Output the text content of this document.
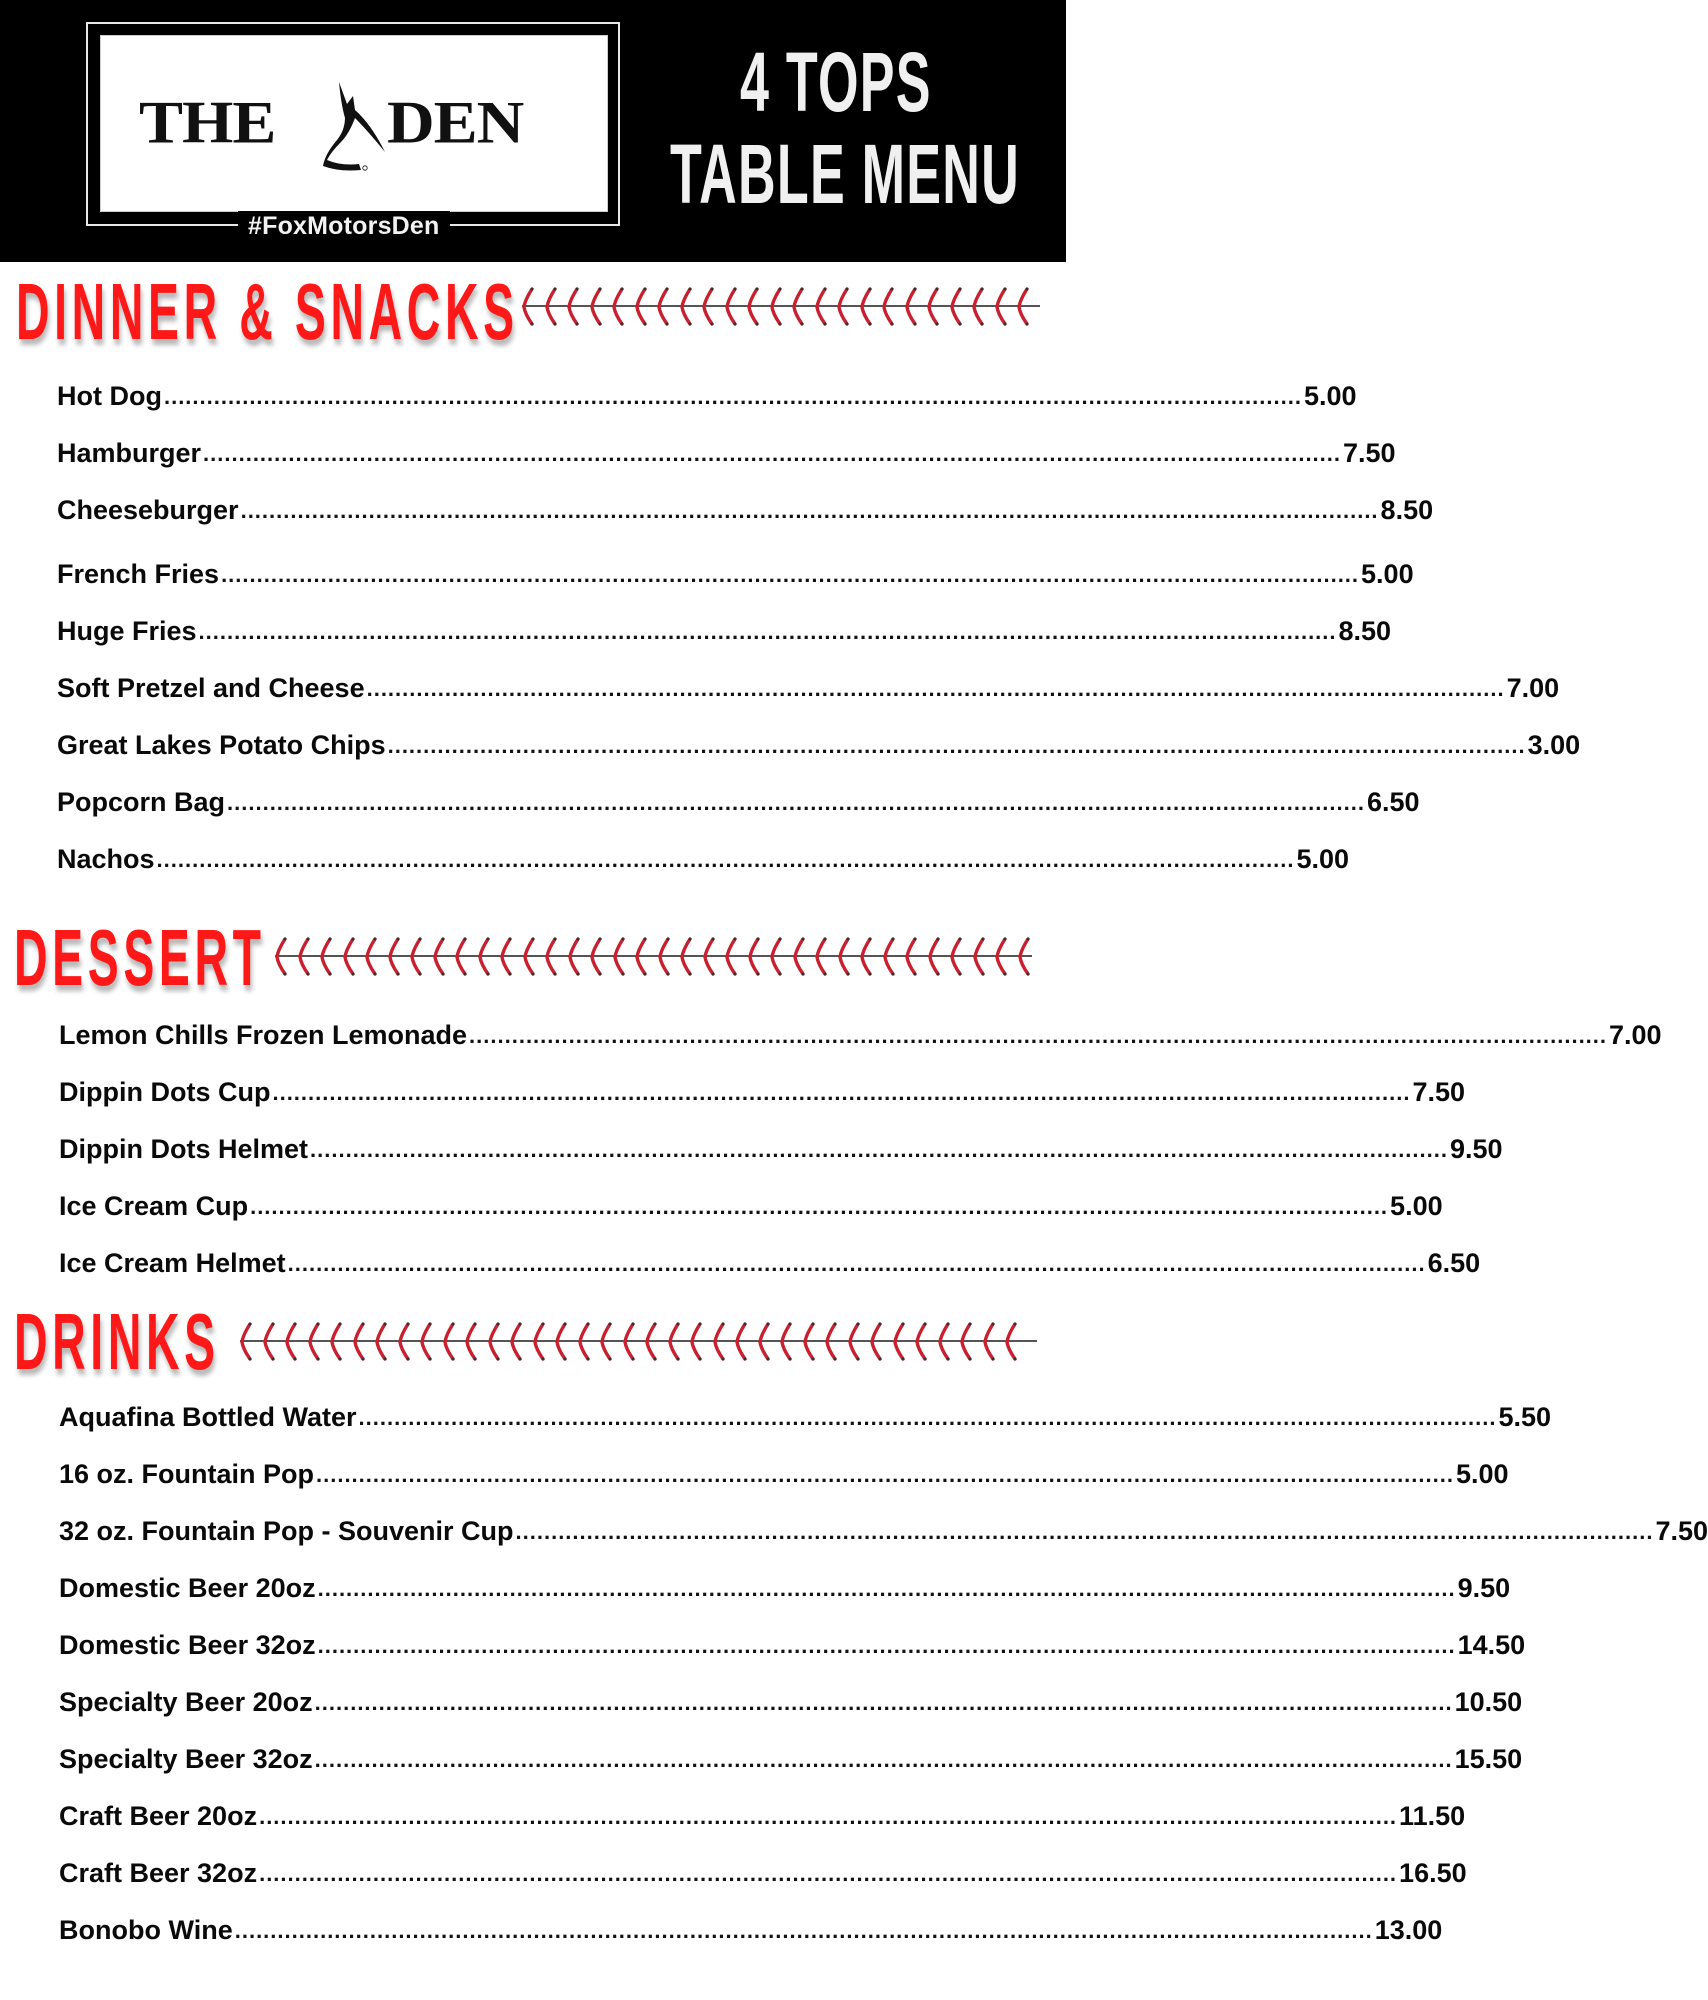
THE DEN
#FoxMotorsDen
4 TOPS
TABLE MENU
DINNER & SNACKS
DESSERT
DRINKS
Hot Dog ................................................................................................................................................................ 5.00
Hamburger ................................................................................................................................................................ 7.50
Cheeseburger ................................................................................................................................................................ 8.50
French Fries ................................................................................................................................................................ 5.00
Huge Fries ................................................................................................................................................................ 8.50
Soft Pretzel and Cheese ................................................................................................................................................................ 7.00
Great Lakes Potato Chips ................................................................................................................................................................ 3.00
Popcorn Bag ................................................................................................................................................................ 6.50
Nachos ................................................................................................................................................................ 5.00
Lemon Chills Frozen Lemonade ................................................................................................................................................................ 7.00
Dippin Dots Cup ................................................................................................................................................................ 7.50
Dippin Dots Helmet ................................................................................................................................................................ 9.50
Ice Cream Cup ................................................................................................................................................................ 5.00
Ice Cream Helmet ................................................................................................................................................................ 6.50
Aquafina Bottled Water ................................................................................................................................................................ 5.50
16 oz. Fountain Pop ................................................................................................................................................................ 5.00
32 oz. Fountain Pop - Souvenir Cup ................................................................................................................................................................ 7.50
Domestic Beer 20oz ................................................................................................................................................................ 9.50
Domestic Beer 32oz ................................................................................................................................................................ 14.50
Specialty Beer 20oz ................................................................................................................................................................ 10.50
Specialty Beer 32oz ................................................................................................................................................................ 15.50
Craft Beer 20oz ................................................................................................................................................................ 11.50
Craft Beer 32oz ................................................................................................................................................................ 16.50
Bonobo Wine ................................................................................................................................................................ 13.00
